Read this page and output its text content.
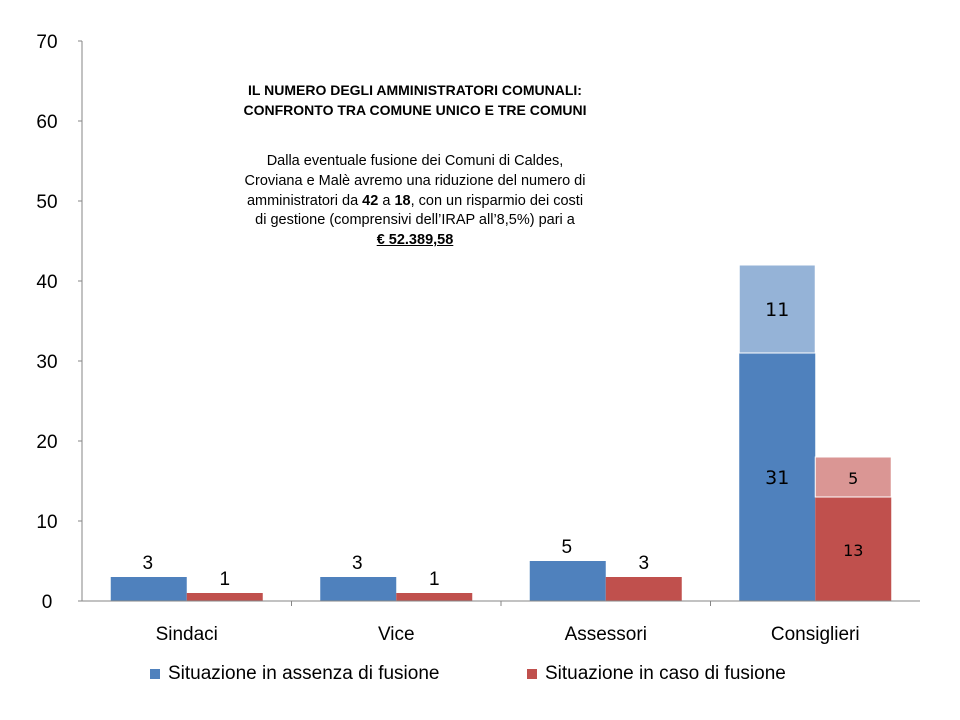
0
10
20
30
40
50
60
70
3	3
5
31
11
1	1
3
13
5
Sindaci	Vice	Assessori	Consiglieri
IL NUMERO DEGLI AMMINISTRATORI COMUNALI:
CONFRONTO TRA COMUNE UNICO E TRE COMUNI
Dalla eventuale fusione dei Comuni di Caldes,
Croviana e Malè avremo una riduzione del numero di
amministratori da 42 a 18, con un risparmio dei costi
di gestione (comprensivi dell’IRAP all’8,5%) pari a
€ 52.389,58
Situazione in assenza di fusione	Situazione in caso di fusione
